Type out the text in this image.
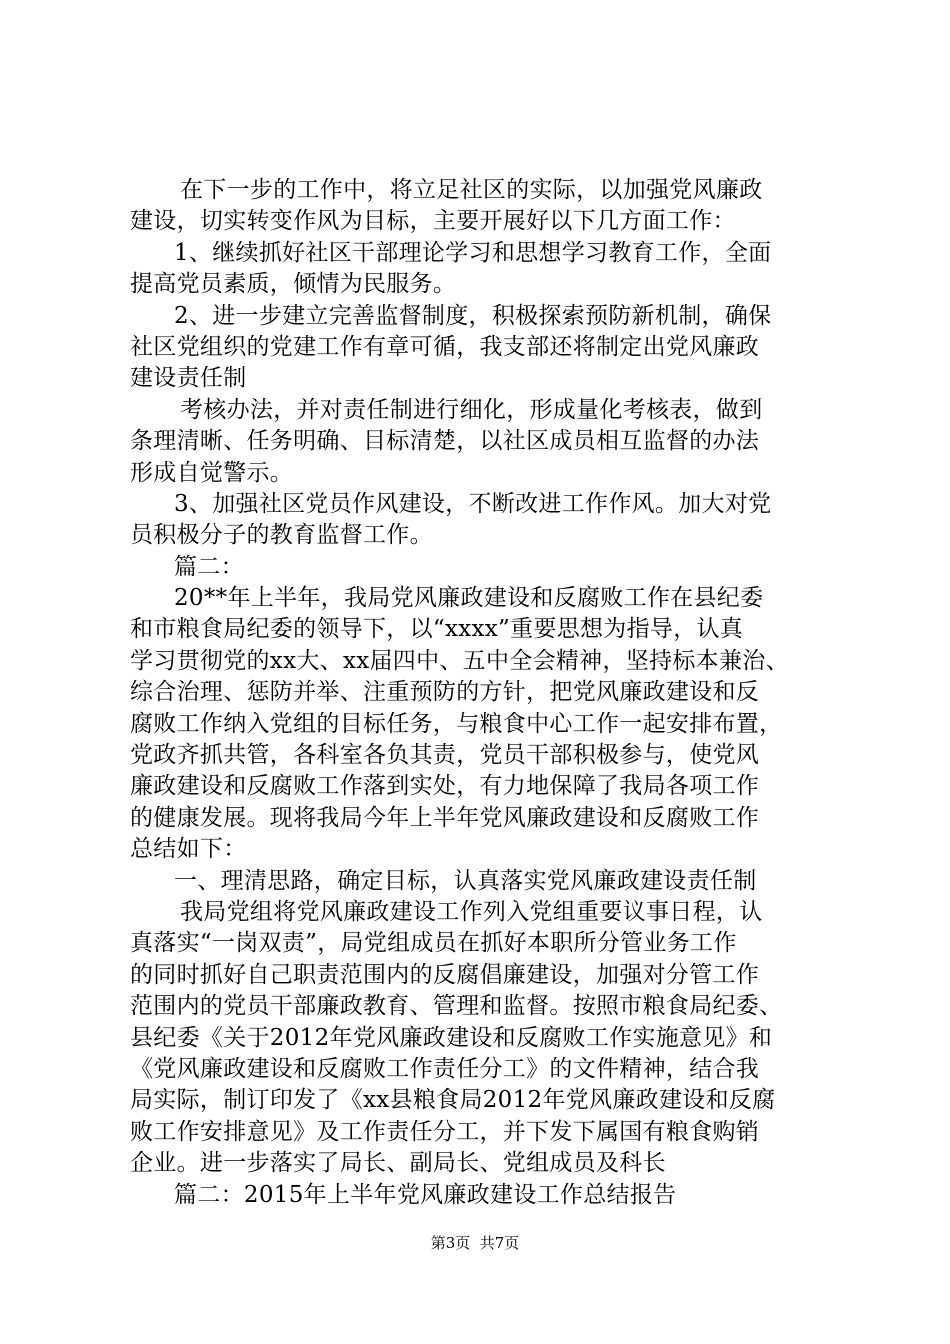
在下一步的工作中，将立足社区的实际，以加强党风廉政
建设，切实转变作风为目标，主要开展好以下几方面工作：
1、继续抓好社区干部理论学习和思想学习教育工作，全面
提高党员素质，倾情为民服务。
2、进一步建立完善监督制度，积极探索预防新机制，确保
社区党组织的党建工作有章可循，我支部还将制定出党风廉政
建设责任制
考核办法，并对责任制进行细化，形成量化考核表，做到
条理清晰、任务明确、目标清楚，以社区成员相互监督的办法
形成自觉警示。
3、加强社区党员作风建设，不断改进工作作风。加大对党
员积极分子的教育监督工作。
篇二：
20**年上半年，我局党风廉政建设和反腐败工作在县纪委
和市粮食局纪委的领导下，以“xxxx”重要思想为指导，认真
学习贯彻党的xx大、xx届四中、五中全会精神，坚持标本兼治、
综合治理、惩防并举、注重预防的方针，把党风廉政建设和反
腐败工作纳入党组的目标任务，与粮食中心工作一起安排布置，
党政齐抓共管，各科室各负其责，党员干部积极参与，使党风
廉政建设和反腐败工作落到实处，有力地保障了我局各项工作
的健康发展。现将我局今年上半年党风廉政建设和反腐败工作
总结如下：
一、理清思路，确定目标，认真落实党风廉政建设责任制
我局党组将党风廉政建设工作列入党组重要议事日程，认
真落实“一岗双责”，局党组成员在抓好本职所分管业务工作
的同时抓好自己职责范围内的反腐倡廉建设，加强对分管工作
范围内的党员干部廉政教育、管理和监督。按照市粮食局纪委、
县纪委《关于2012年党风廉政建设和反腐败工作实施意见》和
《党风廉政建设和反腐败工作责任分工》的文件精神，结合我
局实际，制订印发了《xx县粮食局2012年党风廉政建设和反腐
败工作安排意见》及工作责任分工，并下发下属国有粮食购销
企业。进一步落实了局长、副局长、党组成员及科长
篇二：2015年上半年党风廉政建设工作总结报告
第3页  共7页
